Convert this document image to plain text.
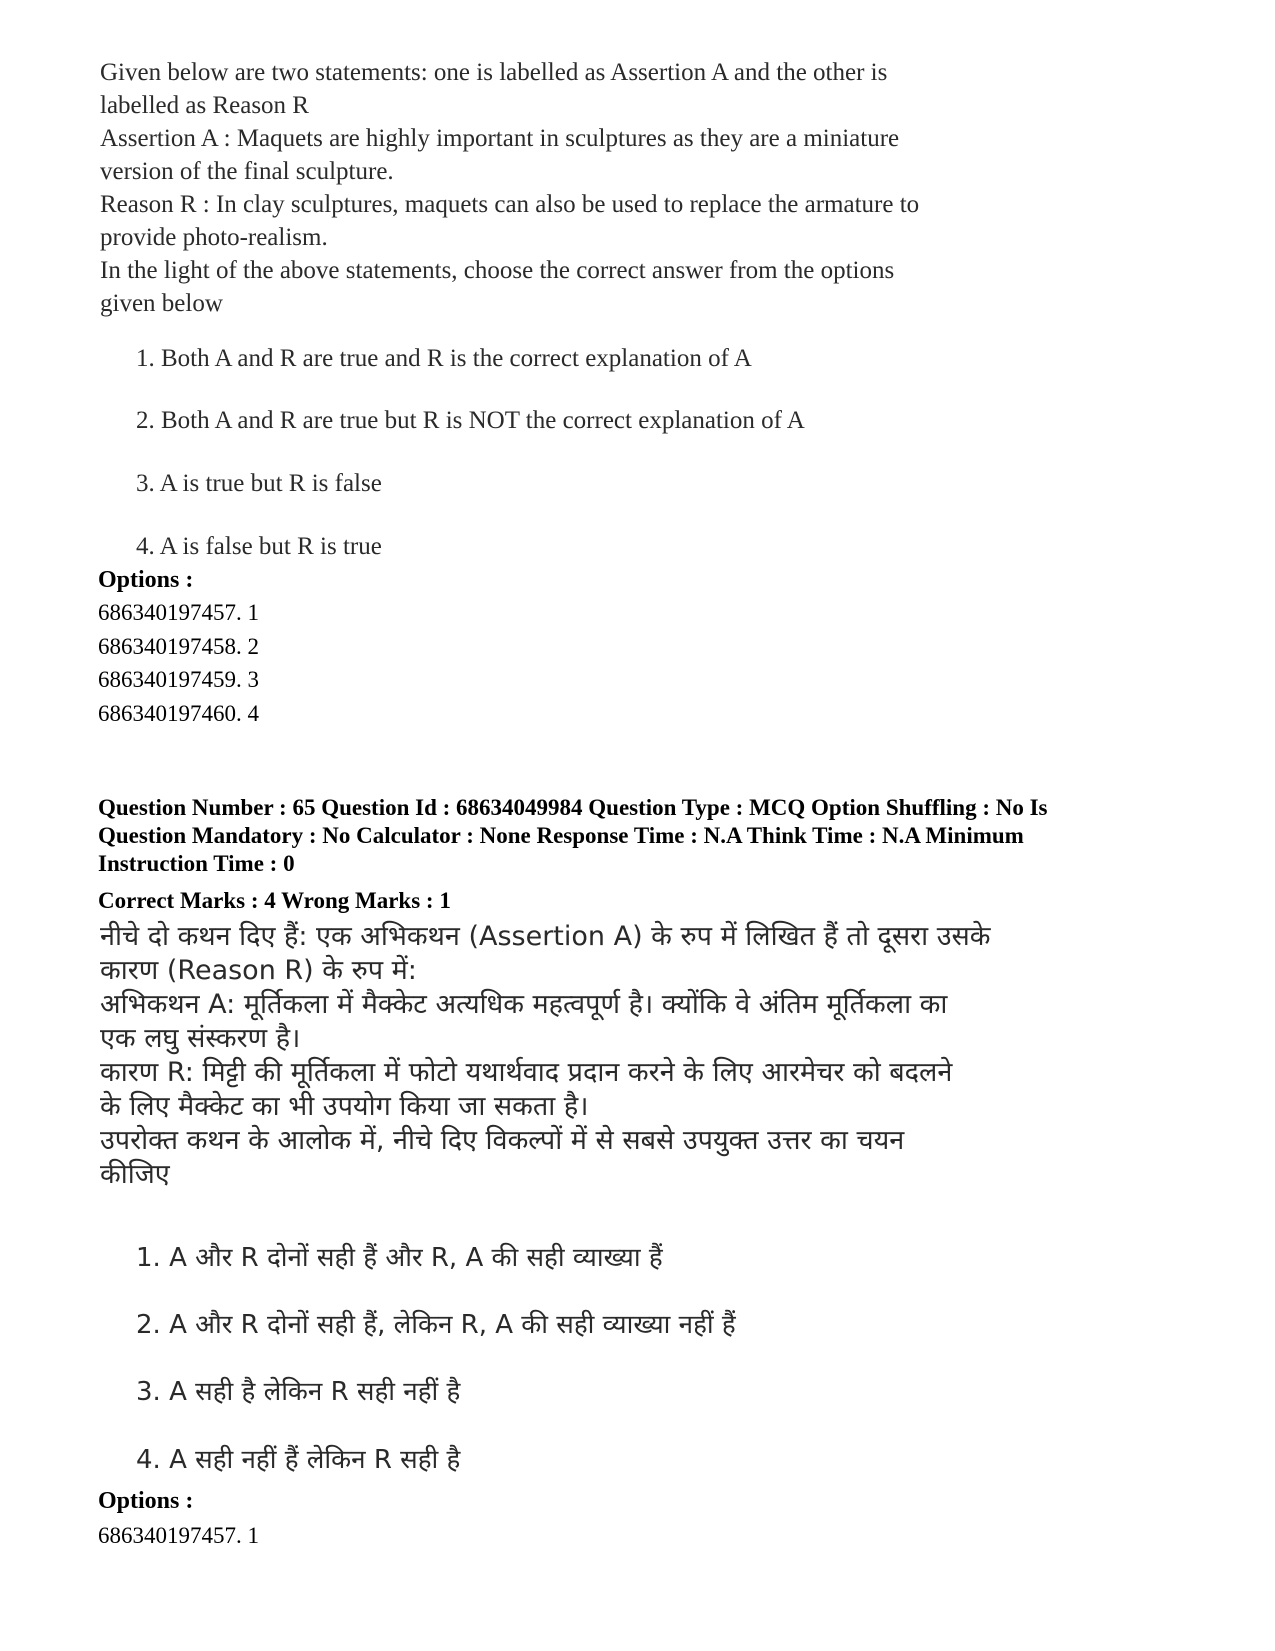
Given below are two statements: one is labelled as Assertion A and the other is

labelled as Reason R

Assertion A : Maquets are highly important in sculptures as they are a miniature

version of the final sculpture.

Reason R : In clay sculptures, maquets can also be used to replace the armature to

provide photo-realism.

In the light of the above statements, choose the correct answer from the options

given below

1. Both A and R are true and R is the correct explanation of A
2. Both A and R are true but R is NOT the correct explanation of A
3. A is true but R is false
4. A is false but R is true
Options :
686340197457. 1
686340197458. 2
686340197459. 3
686340197460. 4

Question Number : 65 Question Id : 68634049984 Question Type : MCQ Option Shuffling : No Is

Question Mandatory : No Calculator : None Response Time : N.A Think Time : N.A Minimum

Instruction Time : 0

Correct Marks : 4 Wrong Marks : 1

नीचे दो कथन दिए हैं: एक अभिकथन (Assertion A) के रुप में लिखित हैं तो दूसरा उसके

कारण (Reason R) के रुप में:

अभिकथन A: मूर्तिकला में मैक्केट अत्यधिक महत्वपूर्ण है। क्योंकि वे अंतिम मूर्तिकला का

एक लघु संस्करण है।

कारण R: मिट्टी की मूर्तिकला में फोटो यथार्थवाद प्रदान करने के लिए आरमेचर को बदलने

के लिए मैक्केट का भी उपयोग किया जा सकता है।

उपरोक्त कथन के आलोक में, नीचे दिए विकल्पों में से सबसे उपयुक्त उत्तर का चयन

कीजिए

1. A और R दोनों सही हैं और R, A की सही व्याख्या हैं
2. A और R दोनों सही हैं, लेकिन R, A की सही व्याख्या नहीं हैं
3. A सही है लेकिन R सही नहीं है
4. A सही नहीं हैं लेकिन R सही है
Options :
686340197457. 1
